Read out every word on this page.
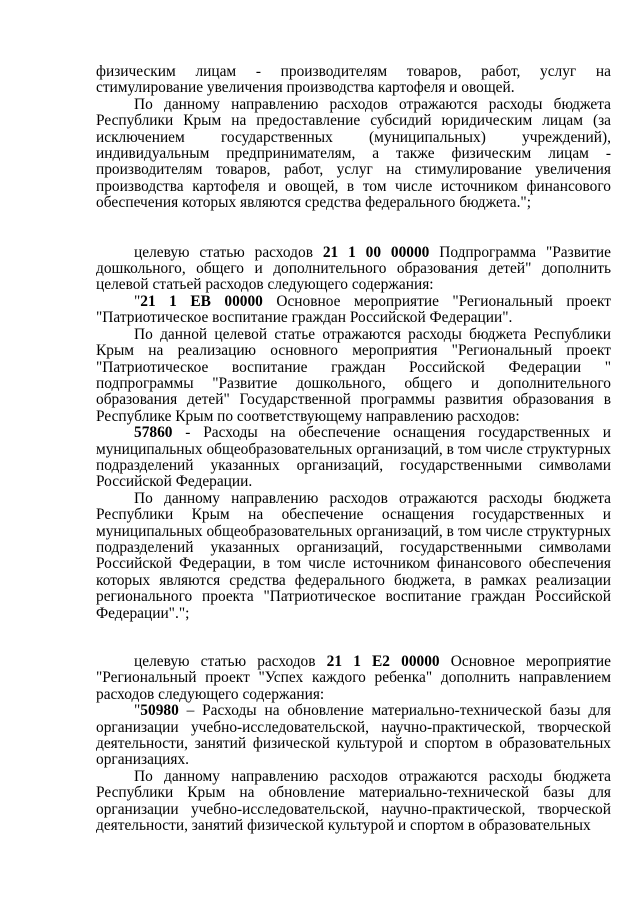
физическим лицам - производителям товаров, работ, услуг на стимулирование увеличения производства картофеля и овощей.

По данному направлению расходов отражаются расходы бюджета Республики Крым на предоставление субсидий юридическим лицам (за исключением государственных (муниципальных) учреждений), индивидуальным предпринимателям, а также физическим лицам - производителям товаров, работ, услуг на стимулирование увеличения производства картофеля и овощей, в том числе источником финансового обеспечения которых являются средства федерального бюджета.";

целевую статью расходов 21 1 00 00000 Подпрограмма "Развитие дошкольного, общего и дополнительного образования детей" дополнить целевой статьей расходов следующего содержания:

"21 1 EB 00000 Основное мероприятие "Региональный проект "Патриотическое воспитание граждан Российской Федерации".

По данной целевой статье отражаются расходы бюджета Республики Крым на реализацию основного мероприятия "Региональный проект "Патриотическое воспитание граждан Российской Федерации " подпрограммы "Развитие дошкольного, общего и дополнительного образования детей" Государственной программы развития образования в Республике Крым по соответствующему направлению расходов:

57860 - Расходы на обеспечение оснащения государственных и муниципальных общеобразовательных организаций, в том числе структурных подразделений указанных организаций, государственными символами Российской Федерации.

По данному направлению расходов отражаются расходы бюджета Республики Крым на обеспечение оснащения государственных и муниципальных общеобразовательных организаций, в том числе структурных подразделений указанных организаций, государственными символами Российской Федерации, в том числе источником финансового обеспечения которых являются средства федерального бюджета, в рамках реализации регионального проекта "Патриотическое воспитание граждан Российской Федерации".";

целевую статью расходов 21 1 E2 00000 Основное мероприятие "Региональный проект "Успех каждого ребенка" дополнить направлением расходов следующего содержания:

"50980 – Расходы на обновление материально-технической базы для организации учебно-исследовательской, научно-практической, творческой деятельности, занятий физической культурой и спортом в образовательных организациях.

По данному направлению расходов отражаются расходы бюджета Республики Крым на обновление материально-технической базы для организации учебно-исследовательской, научно-практической, творческой деятельности, занятий физической культурой и спортом в образовательных
